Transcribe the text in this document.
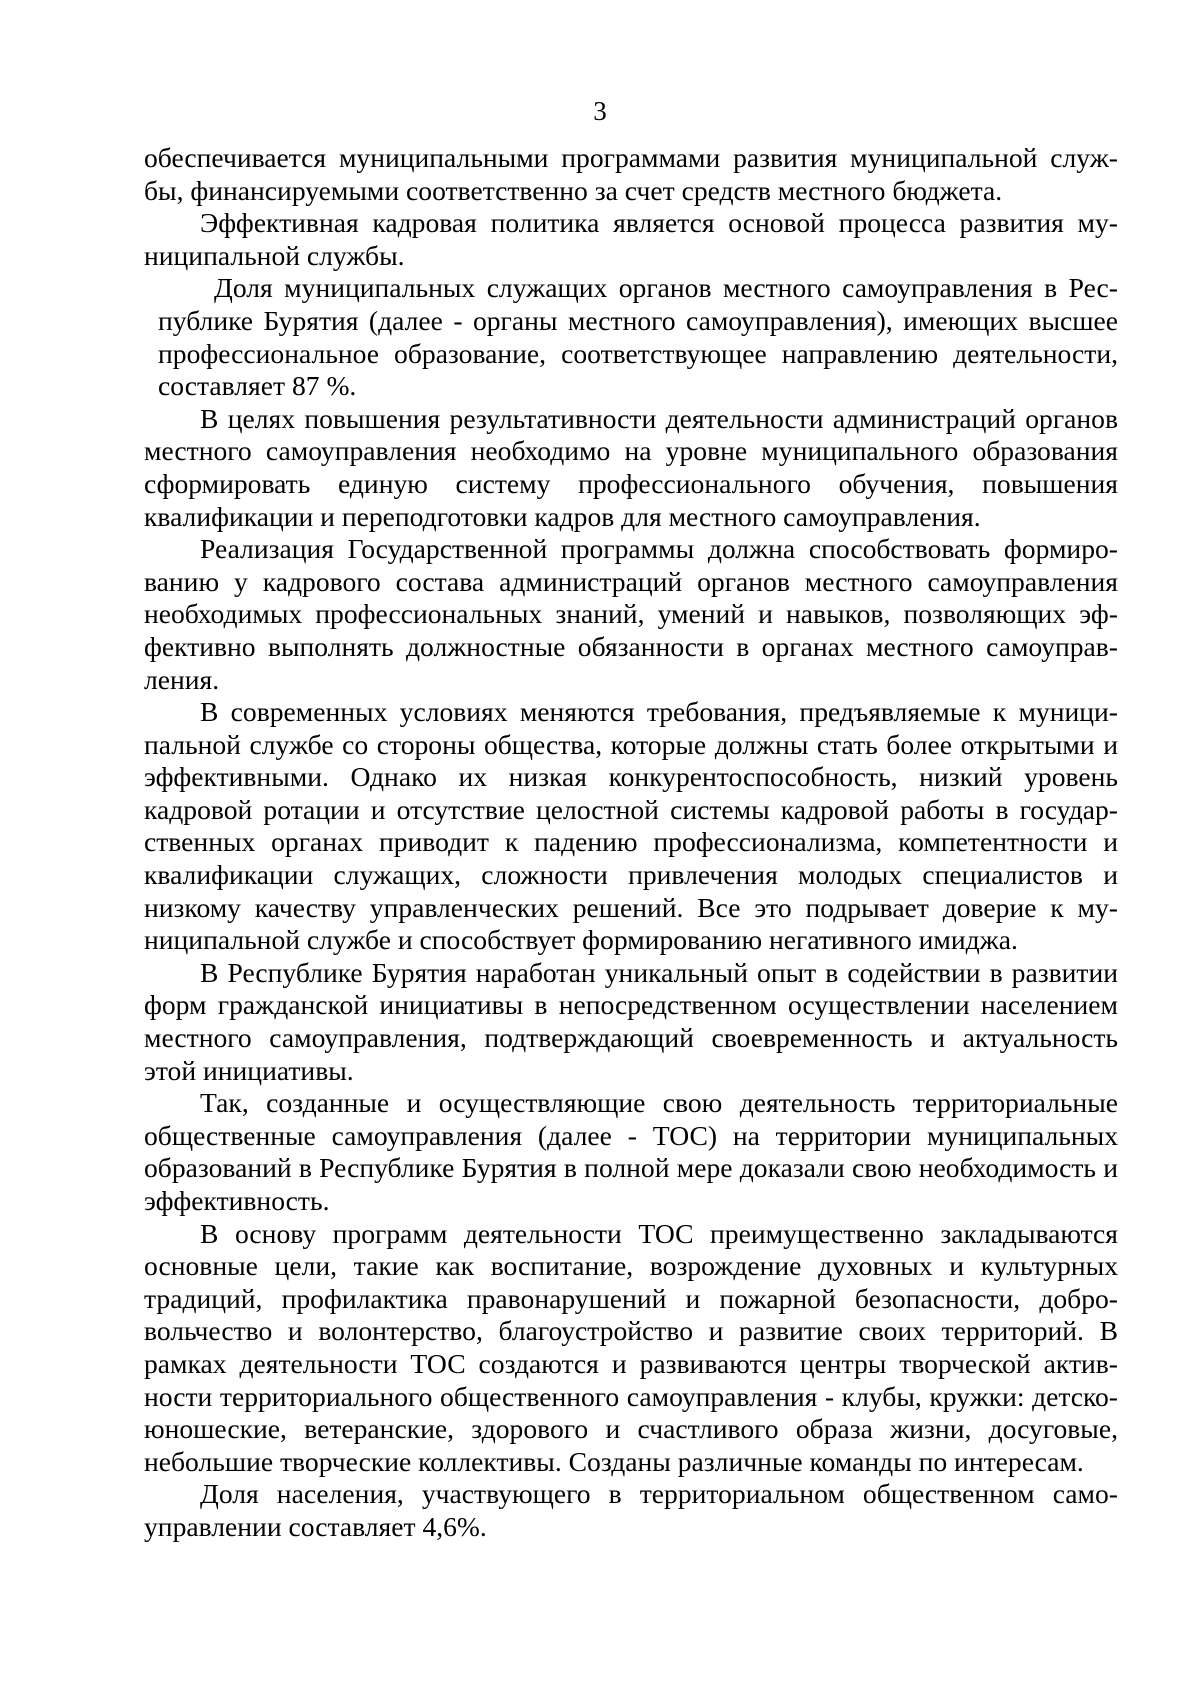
3

обеспечивается муниципальными программами развития муниципальной службы, финансируемыми соответственно за счет средств местного бюджета.

Эффективная кадровая политика является основой процесса развития муниципальной службы.

Доля муниципальных служащих органов местного самоуправления в Республике Бурятия (далее - органы местного самоуправления), имеющих высшее профессиональное образование, соответствующее направлению деятельности, составляет 87 %.

В целях повышения результативности деятельности администраций органов местного самоуправления необходимо на уровне муниципального образования сформировать единую систему профессионального обучения, повышения квалификации и переподготовки кадров для местного самоуправления.

Реализация Государственной программы должна способствовать формированию у кадрового состава администраций органов местного самоуправления необходимых профессиональных знаний, умений и навыков, позволяющих эффективно выполнять должностные обязанности в органах местного самоуправления.

В современных условиях меняются требования, предъявляемые к муниципальной службе со стороны общества, которые должны стать более открытыми и эффективными. Однако их низкая конкурентоспособность, низкий уровень кадровой ротации и отсутствие целостной системы кадровой работы в государственных органах приводит к падению профессионализма, компетентности и квалификации служащих, сложности привлечения молодых специалистов и низкому качеству управленческих решений. Все это подрывает доверие к муниципальной службе и способствует формированию негативного имиджа.

В Республике Бурятия наработан уникальный опыт в содействии в развитии форм гражданской инициативы в непосредственном осуществлении населением местного самоуправления, подтверждающий своевременность и актуальность этой инициативы.

Так, созданные и осуществляющие свою деятельность территориальные общественные самоуправления (далее - ТОС) на территории муниципальных образований в Республике Бурятия в полной мере доказали свою необходимость и эффективность.

В основу программ деятельности ТОС преимущественно закладываются основные цели, такие как воспитание, возрождение духовных и культурных традиций, профилактика правонарушений и пожарной безопасности, добровольчество и волонтерство, благоустройство и развитие своих территорий. В рамках деятельности ТОС создаются и развиваются центры творческой активности территориального общественного самоуправления - клубы, кружки: детско-юношеские, ветеранские, здорового и счастливого образа жизни, досуговые, небольшие творческие коллективы. Созданы различные команды по интересам.

Доля населения, участвующего в территориальном общественном самоуправлении составляет 4,6%.
